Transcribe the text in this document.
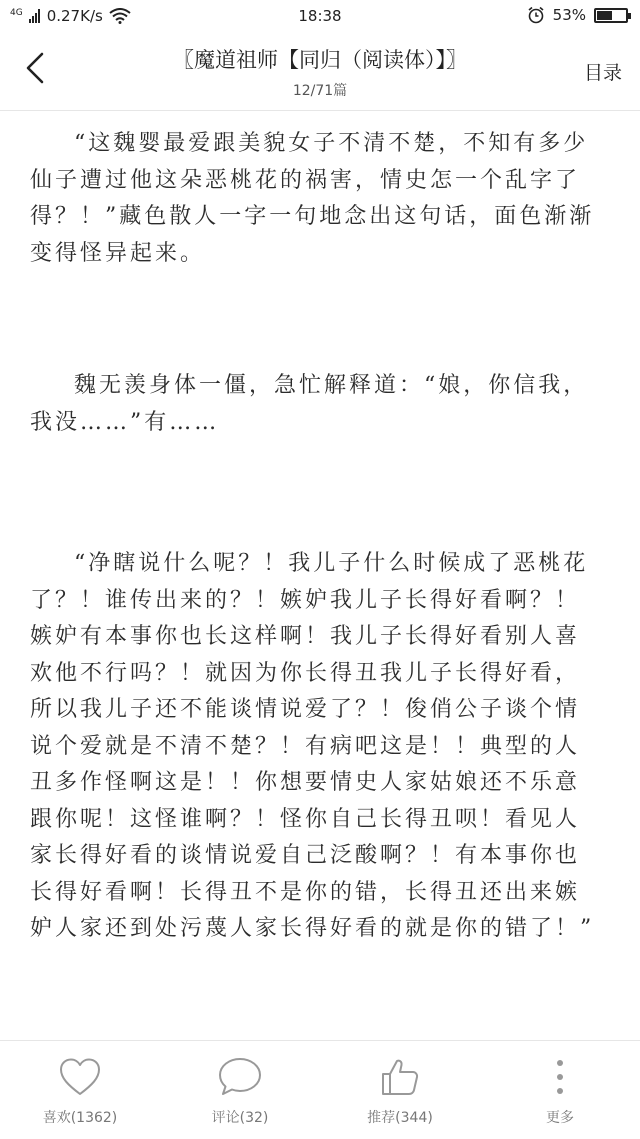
4G 0.27K/s	18:38	53%
〖魔道祖师【同归（阅读体）】〗
12/71篇
目录

“这魏婴最爱跟美貌女子不清不楚，不知有多少仙子遭过他这朵恶桃花的祸害，情史怎一个乱字了得？！”藏色散人一字一句地念出这句话，面色渐渐变得怪异起来。

魏无羡身体一僵，急忙解释道：“娘，你信我，我没……”有……

“净瞎说什么呢？！我儿子什么时候成了恶桃花了？！谁传出来的？！嫉妒我儿子长得好看啊？！嫉妒有本事你也长这样啊！我儿子长得好看别人喜欢他不行吗？！就因为你长得丑我儿子长得好看，所以我儿子还不能谈情说爱了？！俊俏公子谈个情说个爱就是不清不楚？！有病吧这是！！典型的人丑多作怪啊这是！！你想要情史人家姑娘还不乐意跟你呢！这怪谁啊？！怪你自己长得丑呗！看见人家长得好看的谈情说爱自己泛酸啊？！有本事你也长得好看啊！长得丑不是你的错，长得丑还出来嫉妒人家还到处污蔑人家长得好看的就是你的错了！”

喜欢(1362)	评论(32)	推荐(344)	更多
